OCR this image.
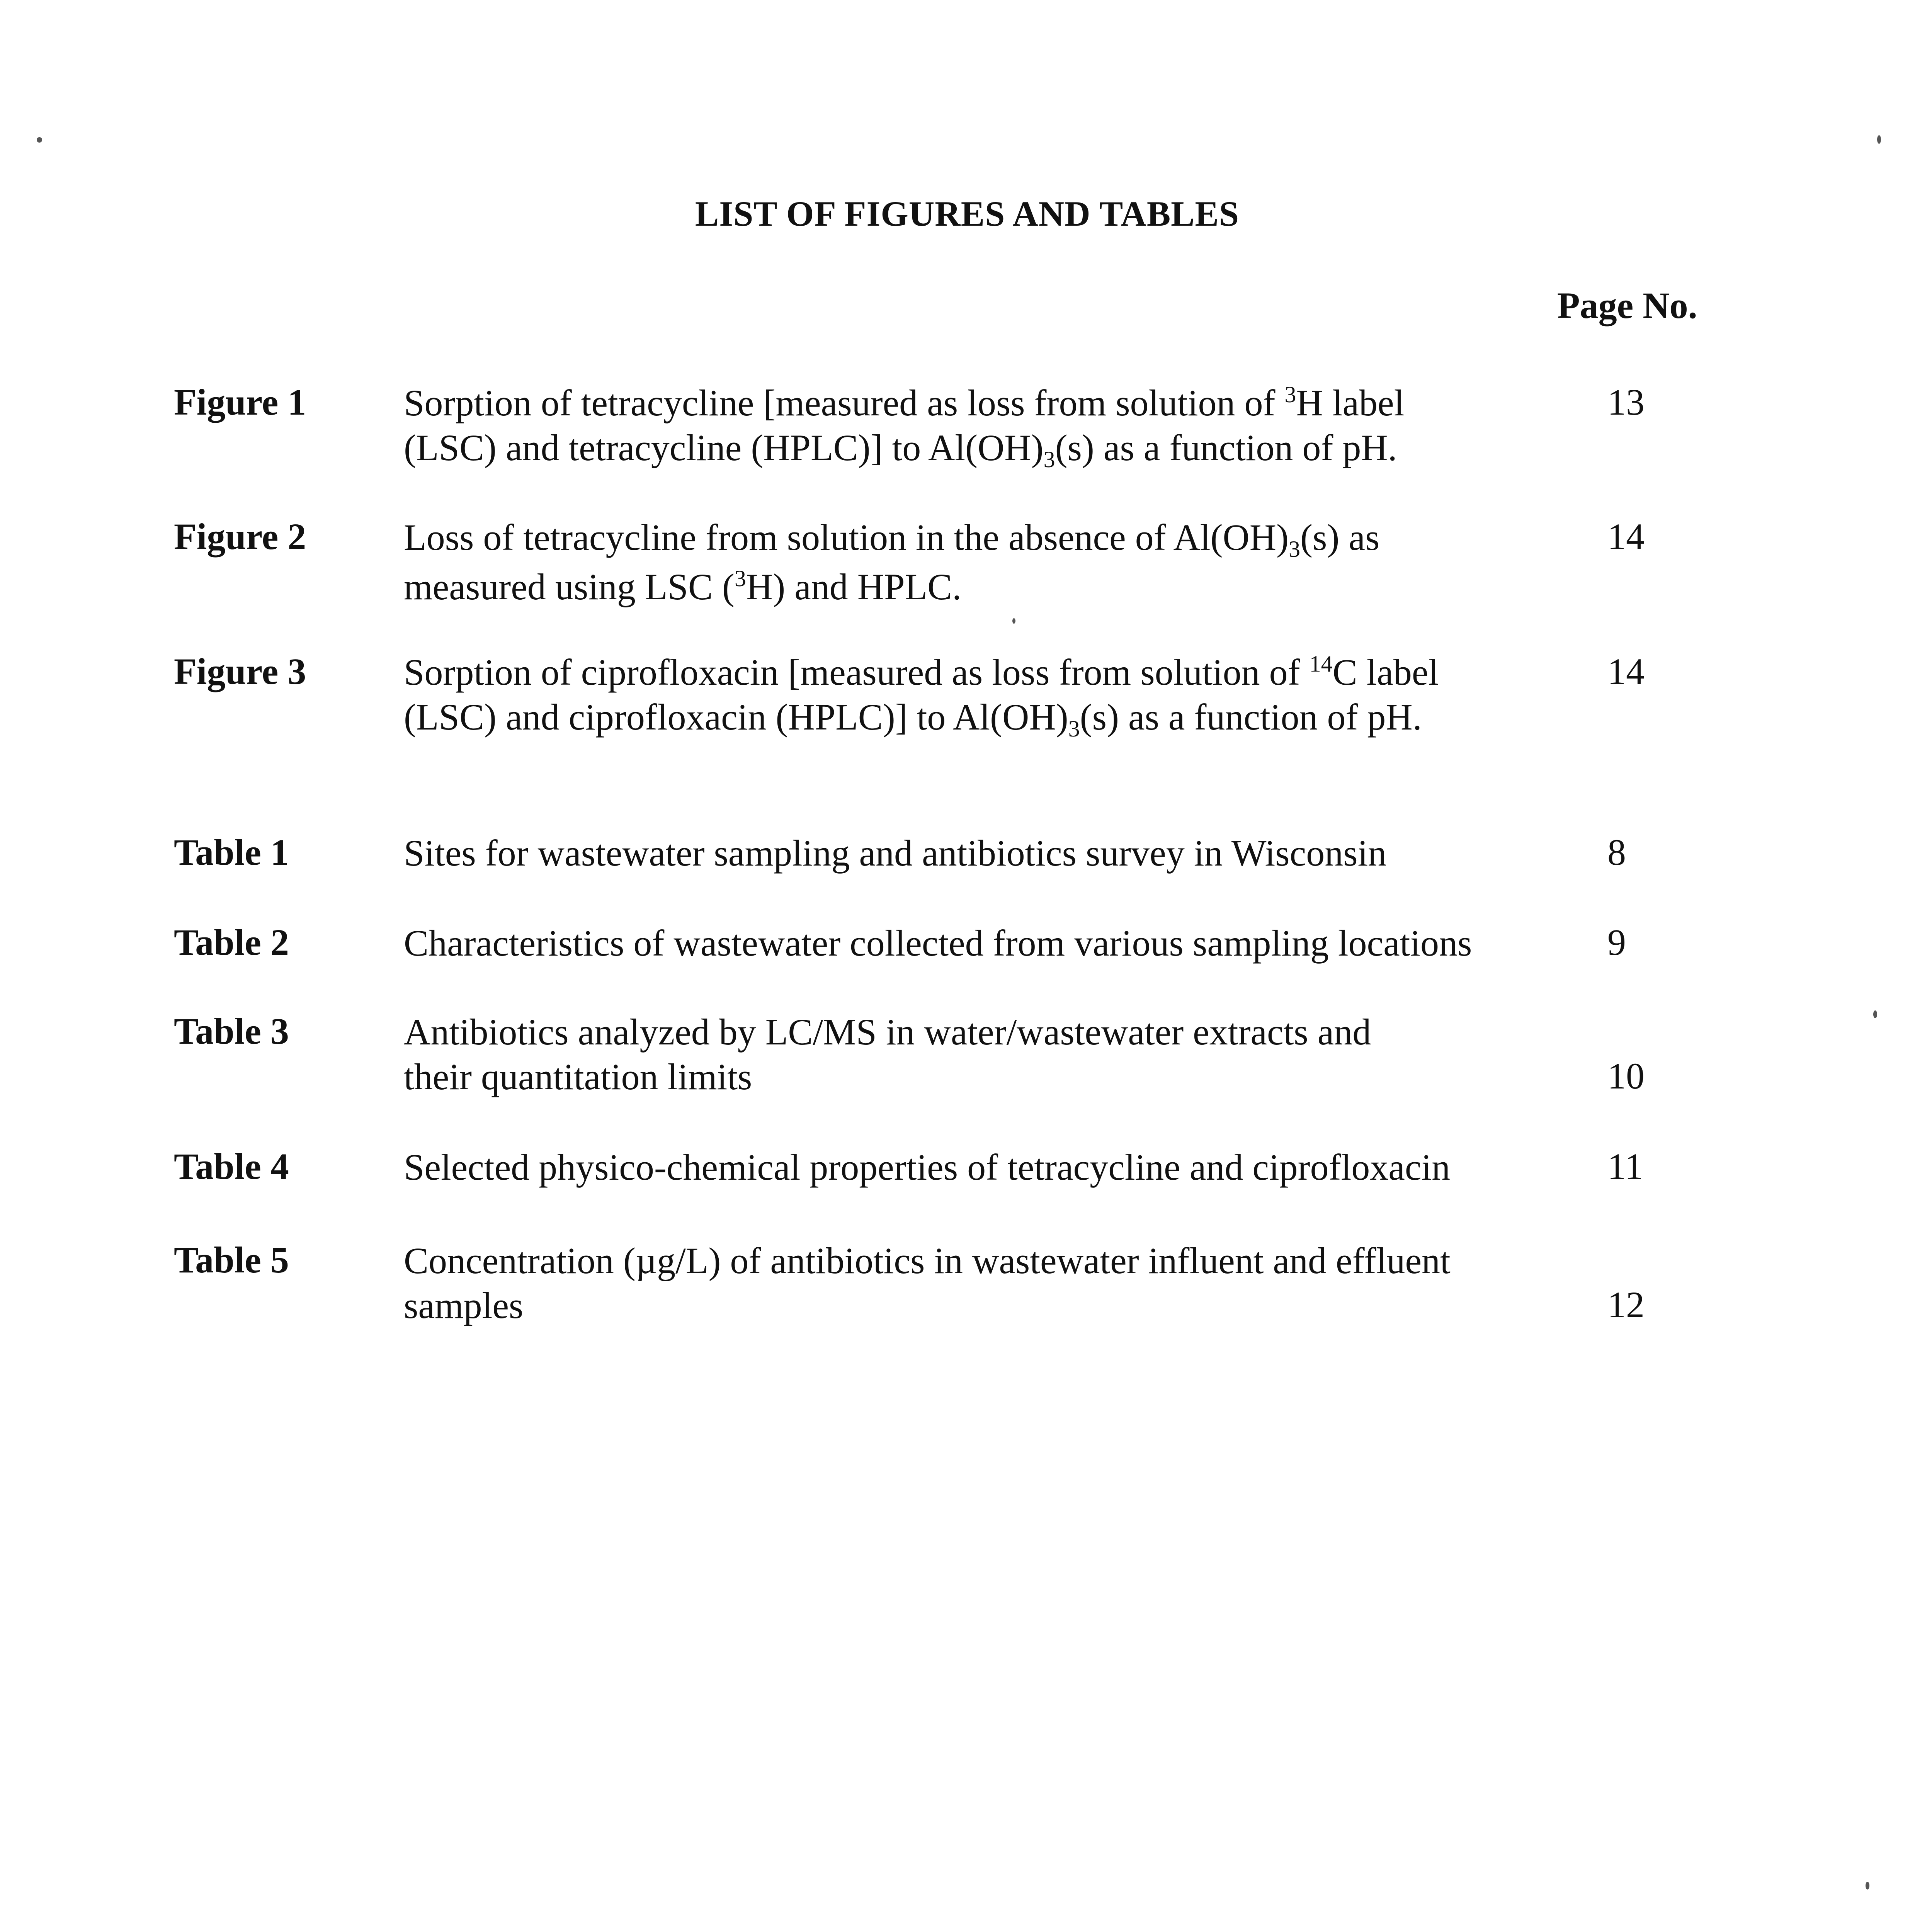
LIST OF FIGURES AND TABLES
Page No.
Figure 1	Sorption of tetracycline [measured as loss from solution of $^3$H label
(LSC) and tetracycline (HPLC)] to $Al(OH)_3(s)$ as a function of pH.
13
Figure 2	Loss of tetracycline from solution in the absence of $Al(OH)_3(s)$ as
measured using LSC ($^3$H) and HPLC.
14
Figure 3	Sorption of ciprofloxacin [measured as loss from solution of $^{14}$C label
(LSC) and ciprofloxacin (HPLC)] to $Al(OH)_3(s)$ as a function of pH.
14
Table 1	Sites for wastewater sampling and antibiotics survey in Wisconsin	8
Table 2	Characteristics of wastewater collected from various sampling locations	9
Table 3	Antibiotics analyzed by LC/MS in water/wastewater extracts and
their quantitation limits	10
Table 4	Selected physico-chemical properties of tetracycline and ciprofloxacin	11
Table 5	Concentration (µg/L) of antibiotics in wastewater influent and effluent
samples	12
